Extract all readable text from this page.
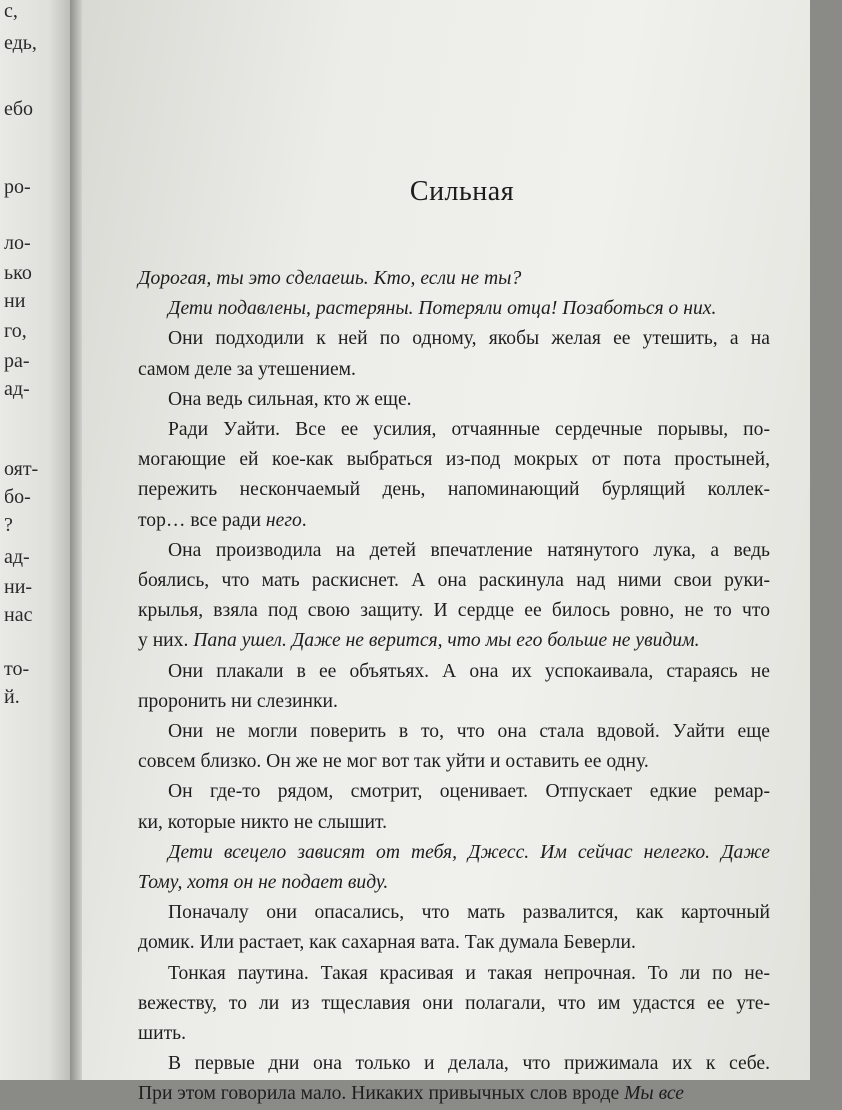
с,
едь,
ебо
ро-
ло-
ько
ни
го,
ра-
ад-
оят-
бо-
?
ад-
ни-
нас
то-
й.
Сильная
Дорогая, ты это сделаешь. Кто, если не ты?
Дети подавлены, растеряны. Потеряли отца! Позаботься о них.
Они подходили к ней по одному, якобы желая ее утешить, а на
самом деле за утешением.
Она ведь сильная, кто ж еще.
Ради Уайти. Все ее усилия, отчаянные сердечные порывы, по-
могающие ей кое-как выбраться из-под мокрых от пота простыней,
пережить нескончаемый день, напоминающий бурлящий коллек-
тор… все ради него.
Она производила на детей впечатление натянутого лука, а ведь
боялись, что мать раскиснет. А она раскинула над ними свои руки-
крылья, взяла под свою защиту. И сердце ее билось ровно, не то что
у них. Папа ушел. Даже не верится, что мы его больше не увидим.
Они плакали в ее объятьях. А она их успокаивала, стараясь не
проронить ни слезинки.
Они не могли поверить в то, что она стала вдовой. Уайти еще
совсем близко. Он же не мог вот так уйти и оставить ее одну.
Он где-то рядом, смотрит, оценивает. Отпускает едкие ремар-
ки, которые никто не слышит.
Дети всецело зависят от тебя, Джесс. Им сейчас нелегко. Даже
Тому, хотя он не подает виду.
Поначалу они опасались, что мать развалится, как карточный
домик. Или растает, как сахарная вата. Так думала Беверли.
Тонкая паутина. Такая красивая и такая непрочная. То ли по не-
вежеству, то ли из тщеславия они полагали, что им удастся ее уте-
шить.
В первые дни она только и делала, что прижимала их к себе.
При этом говорила мало. Никаких привычных слов вроде Мы все
